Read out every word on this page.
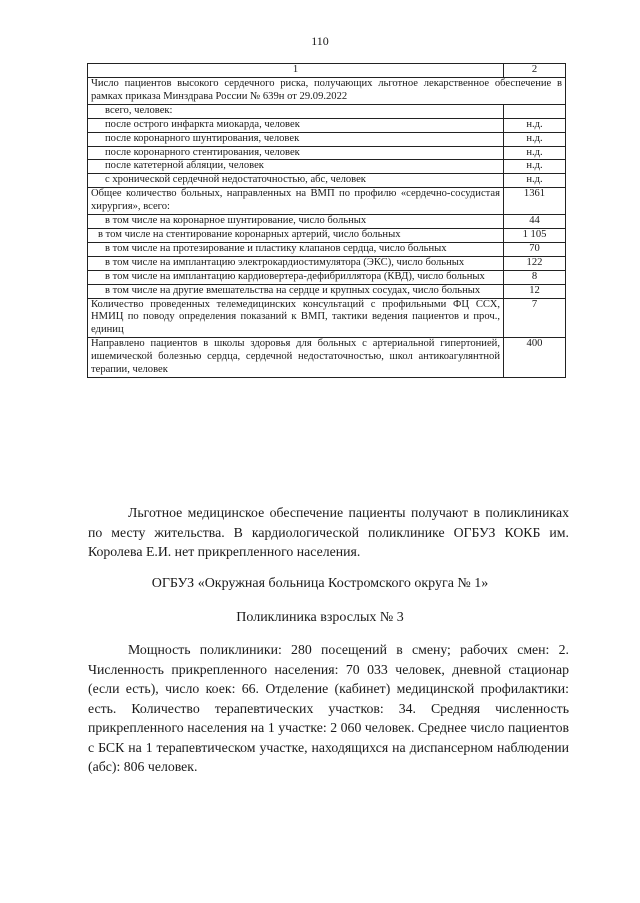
110
1	2
Число пациентов высокого сердечного риска, получающих льготное лекарственное обеспечение в рамках приказа Минздрава России № 639н от 29.09.2022	
всего, человек:	
после острого инфаркта миокарда, человек	н.д.
после коронарного шунтирования, человек	н.д.
после коронарного стентирования, человек	н.д.
после катетерной абляции, человек	н.д.
с хронической сердечной недостаточностью, абс, человек	н.д.
Общее количество больных, направленных на ВМП по профилю «сердечно-сосудистая хирургия», всего:	1361
в том числе на коронарное шунтирование, число больных	44
в том числе на стентирование коронарных артерий, число больных	1 105
в том числе на протезирование и пластику клапанов сердца, число больных	70
в том числе на имплантацию электрокардиостимулятора (ЭКС), число больных	122
в том числе на имплантацию кардиовертера-дефибриллятора (КВД), число больных	8
в том числе на другие вмешательства на сердце и крупных сосудах, число больных	12
Количество проведенных телемедицинских консультаций с профильными ФЦ ССХ, НМИЦ по поводу определения показаний к ВМП, тактики ведения пациентов и проч., единиц	7
Направлено пациентов в школы здоровья для больных с артериальной гипертонией, ишемической болезнью сердца, сердечной недостаточностью, школ антикоагулянтной терапии, человек	400
Льготное медицинское обеспечение пациенты получают в поликлиниках по месту жительства. В кардиологической поликлинике ОГБУЗ КОКБ им. Королева Е.И. нет прикрепленного населения.
ОГБУЗ «Окружная больница Костромского округа № 1»
Поликлиника взрослых № 3
Мощность поликлиники: 280 посещений в смену; рабочих смен: 2. Численность прикрепленного населения: 70 033 человек, дневной стационар (если есть), число коек: 66. Отделение (кабинет) медицинской профилактики: есть. Количество терапевтических участков: 34. Средняя численность прикрепленного населения на 1 участке: 2 060 человек. Среднее число пациентов с БСК на 1 терапевтическом участке, находящихся на диспансерном наблюдении (абс): 806 человек.
